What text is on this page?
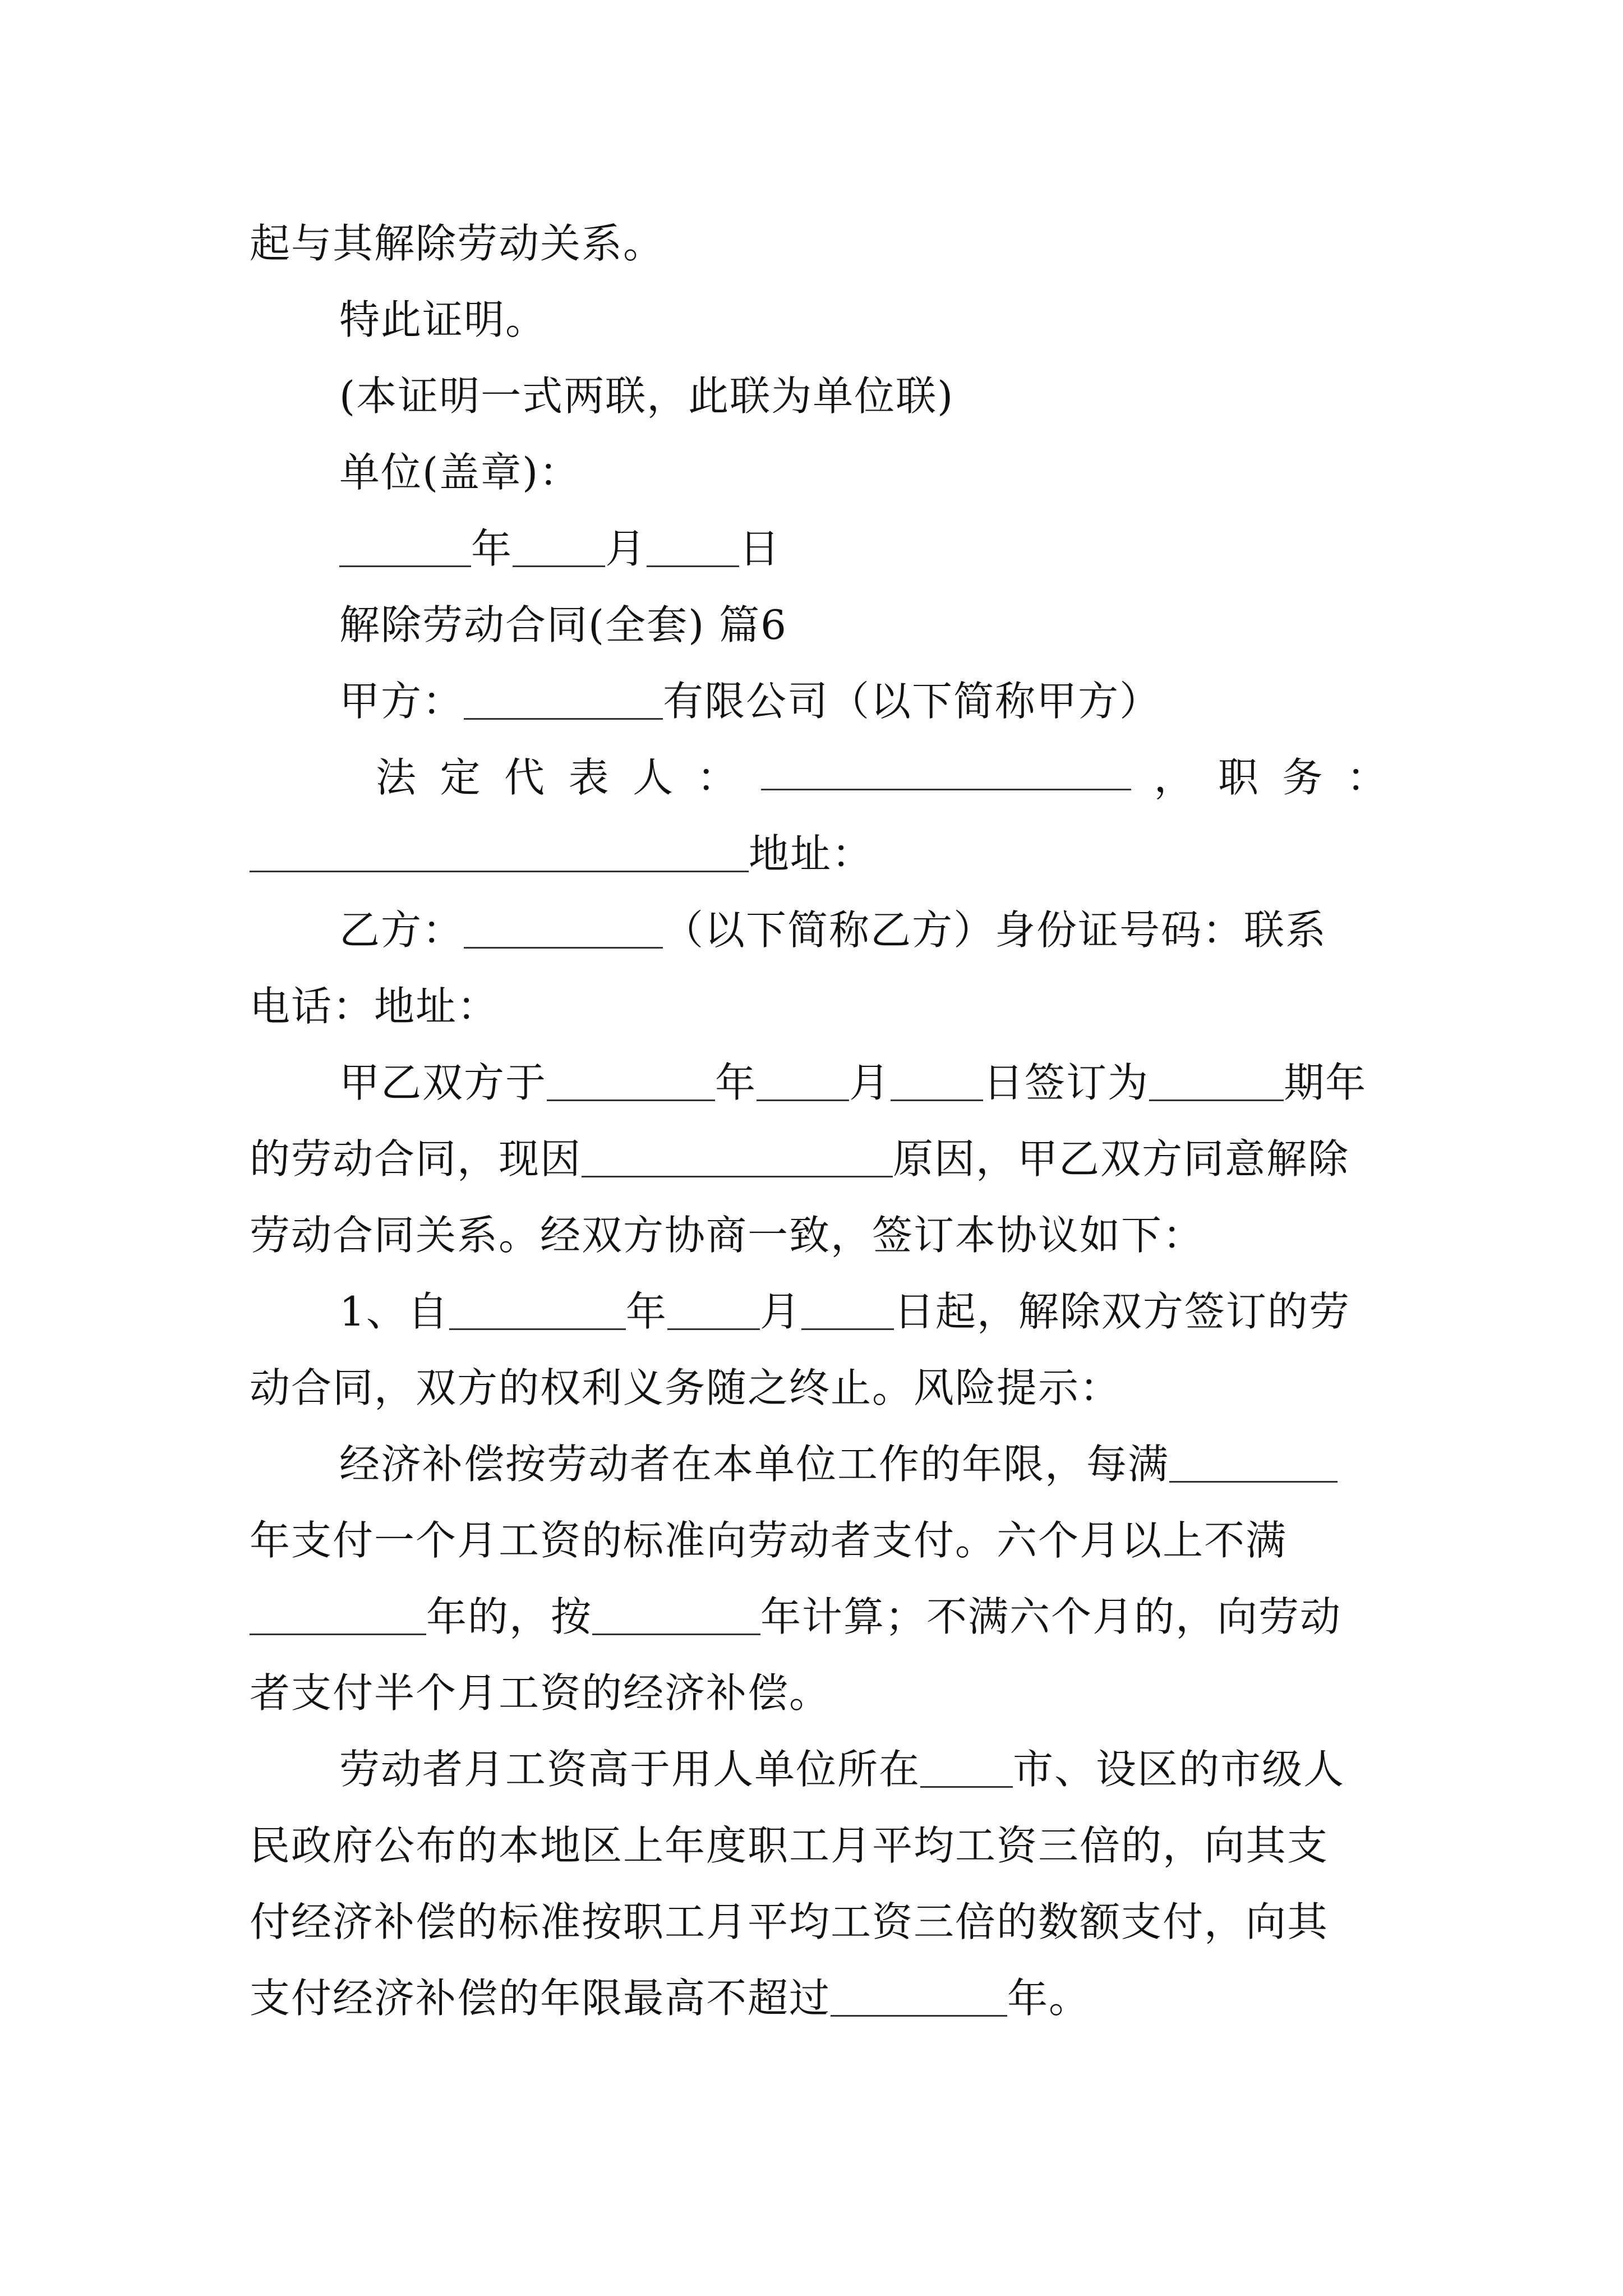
起与其解除劳动关系。
特此证明。
(本证明一式两联，此联为单位联)
单位(盖章)：
年 月 日
解除劳动合同(全套) 篇6
甲方：	有限公司（以下简称甲方）
法 定 代 表 人 ：	， 职 务 ：
地址：
乙方：	（以下简称乙方）身份证号码：联系
电话：地址：
甲乙双方于	年 月 日签订为	期年
的劳动合同，现因	原因，甲乙双方同意解除
劳动合同关系。经双方协商一致，签订本协议如下：
1、自	年 月 日起，解除双方签订的劳
动合同，双方的权利义务随之终止。风险提示：
经济补偿按劳动者在本单位工作的年限，每满
年支付一个月工资的标准向劳动者支付。六个月以上不满
年的，按	年计算；不满六个月的，向劳动
者支付半个月工资的经济补偿。
劳动者月工资高于用人单位所在 市、设区的市级人
民政府公布的本地区上年度职工月平均工资三倍的，向其支
付经济补偿的标准按职工月平均工资三倍的数额支付，向其
支付经济补偿的年限最高不超过	年。
